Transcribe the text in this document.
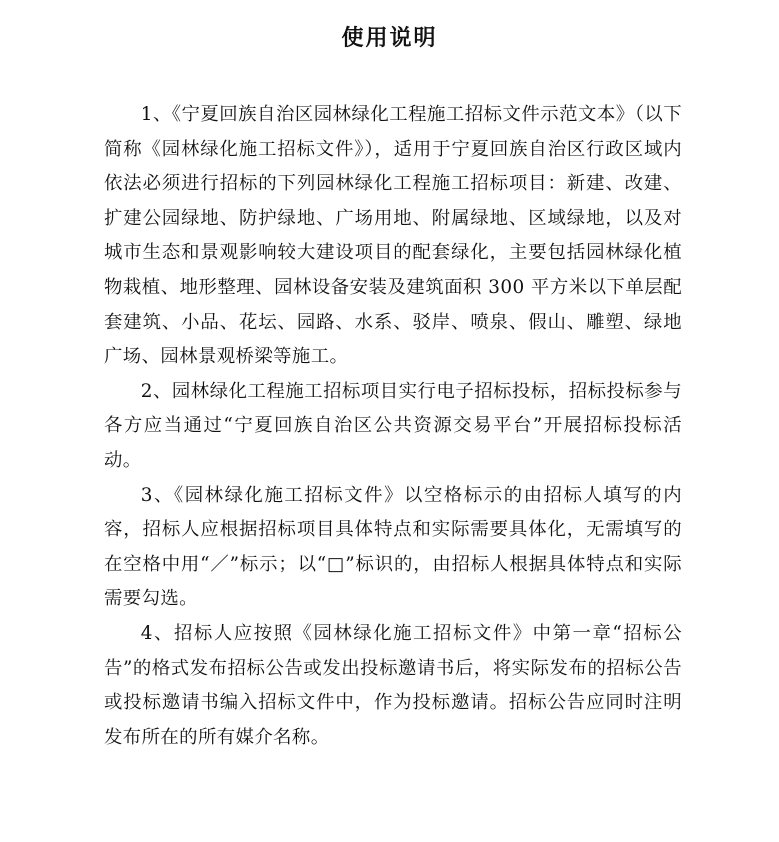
使用说明

1、《宁夏回族自治区园林绿化工程施工招标文件示范文本》（以下简称《园林绿化施工招标文件》），适用于宁夏回族自治区行政区域内依法必须进行招标的下列园林绿化工程施工招标项目：新建、改建、扩建公园绿地、防护绿地、广场用地、附属绿地、区域绿地，以及对城市生态和景观影响较大建设项目的配套绿化，主要包括园林绿化植物栽植、地形整理、园林设备安装及建筑面积 300 平方米以下单层配套建筑、小品、花坛、园路、水系、驳岸、喷泉、假山、雕塑、绿地广场、园林景观桥梁等施工。

2、园林绿化工程施工招标项目实行电子招标投标，招标投标参与各方应当通过“宁夏回族自治区公共资源交易平台”开展招标投标活动。

3、《园林绿化施工招标文件》以空格标示的由招标人填写的内容，招标人应根据招标项目具体特点和实际需要具体化，无需填写的在空格中用“／”标示；以“□”标识的，由招标人根据具体特点和实际需要勾选。

4、招标人应按照《园林绿化施工招标文件》中第一章“招标公告”的格式发布招标公告或发出投标邀请书后，将实际发布的招标公告或投标邀请书编入招标文件中，作为投标邀请。招标公告应同时注明发布所在的所有媒介名称。
